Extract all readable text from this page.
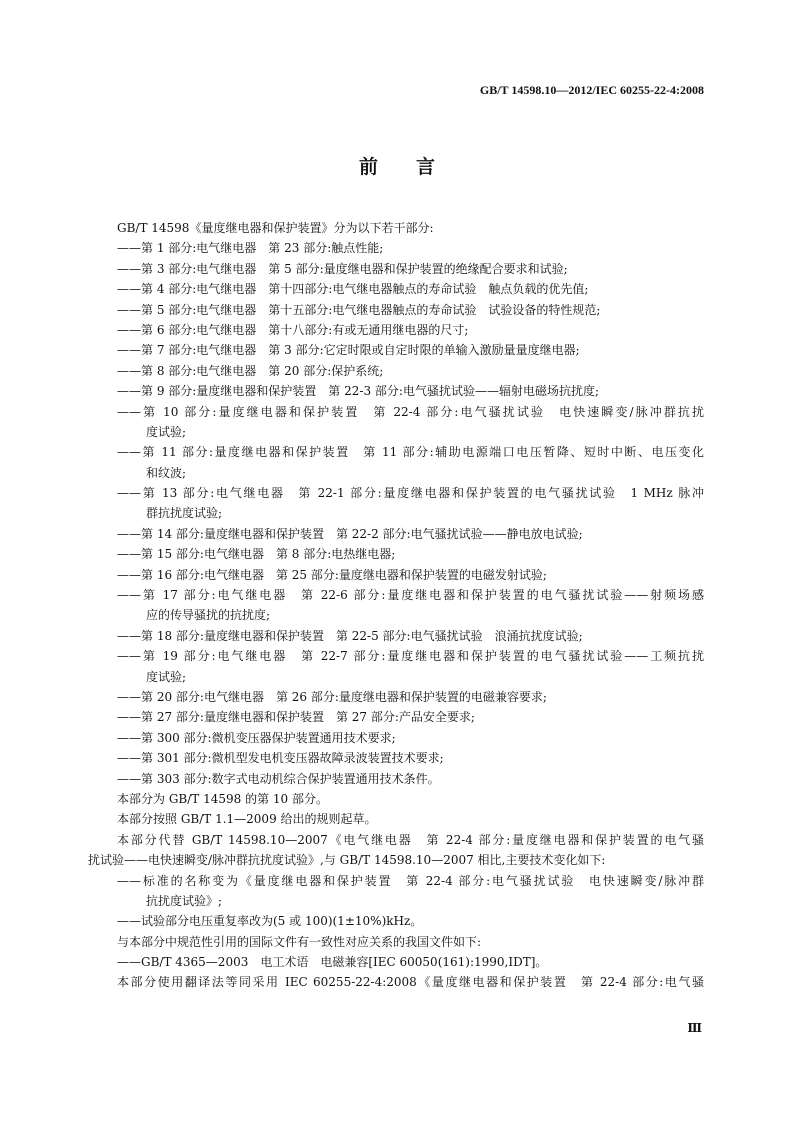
GB/T 14598.10—2012/IEC 60255-22-4:2008
前言
GB/T 14598《量度继电器和保护装置》分为以下若干部分:
——第 1 部分:电气继电器　第 23 部分:触点性能;
——第 3 部分:电气继电器　第 5 部分:量度继电器和保护装置的绝缘配合要求和试验;
——第 4 部分:电气继电器　第十四部分:电气继电器触点的寿命试验　触点负载的优先值;
——第 5 部分:电气继电器　第十五部分:电气继电器触点的寿命试验　试验设备的特性规范;
——第 6 部分:电气继电器　第十八部分:有或无通用继电器的尺寸;
——第 7 部分:电气继电器　第 3 部分:它定时限或自定时限的单输入激励量量度继电器;
——第 8 部分:电气继电器　第 20 部分:保护系统;
——第 9 部分:量度继电器和保护装置　第 22-3 部分:电气骚扰试验——辐射电磁场抗扰度;
——第 10 部分:量度继电器和保护装置　第 22-4 部分:电气骚扰试验　电快速瞬变/脉冲群抗扰
度试验;
——第 11 部分:量度继电器和保护装置　第 11 部分:辅助电源端口电压暂降、短时中断、电压变化
和纹波;
——第 13 部分:电气继电器　第 22-1 部分:量度继电器和保护装置的电气骚扰试验　1 MHz 脉冲
群抗扰度试验;
——第 14 部分:量度继电器和保护装置　第 22-2 部分:电气骚扰试验——静电放电试验;
——第 15 部分:电气继电器　第 8 部分:电热继电器;
——第 16 部分:电气继电器　第 25 部分:量度继电器和保护装置的电磁发射试验;
——第 17 部分:电气继电器　第 22-6 部分:量度继电器和保护装置的电气骚扰试验——射频场感
应的传导骚扰的抗扰度;
——第 18 部分:量度继电器和保护装置　第 22-5 部分:电气骚扰试验　浪涌抗扰度试验;
——第 19 部分:电气继电器　第 22-7 部分:量度继电器和保护装置的电气骚扰试验——工频抗扰
度试验;
——第 20 部分:电气继电器　第 26 部分:量度继电器和保护装置的电磁兼容要求;
——第 27 部分:量度继电器和保护装置　第 27 部分:产品安全要求;
——第 300 部分:微机变压器保护装置通用技术要求;
——第 301 部分:微机型发电机变压器故障录波装置技术要求;
——第 303 部分:数字式电动机综合保护装置通用技术条件。
本部分为 GB/T 14598 的第 10 部分。
本部分按照 GB/T 1.1—2009 给出的规则起草。
本部分代替 GB/T 14598.10—2007《电气继电器　第 22-4 部分:量度继电器和保护装置的电气骚
扰试验——电快速瞬变/脉冲群抗扰度试验》,与 GB/T 14598.10—2007 相比,主要技术变化如下:
——标准的名称变为《量度继电器和保护装置　第 22-4 部分:电气骚扰试验　电快速瞬变/脉冲群
抗扰度试验》;
——试验部分电压重复率改为(5 或 100)(1±10%)kHz。
与本部分中规范性引用的国际文件有一致性对应关系的我国文件如下:
——GB/T 4365—2003　电工术语　电磁兼容[IEC 60050(161):1990,IDT]。
本部分使用翻译法等同采用 IEC 60255-22-4:2008《量度继电器和保护装置　第 22-4 部分:电气骚
Ⅲ
